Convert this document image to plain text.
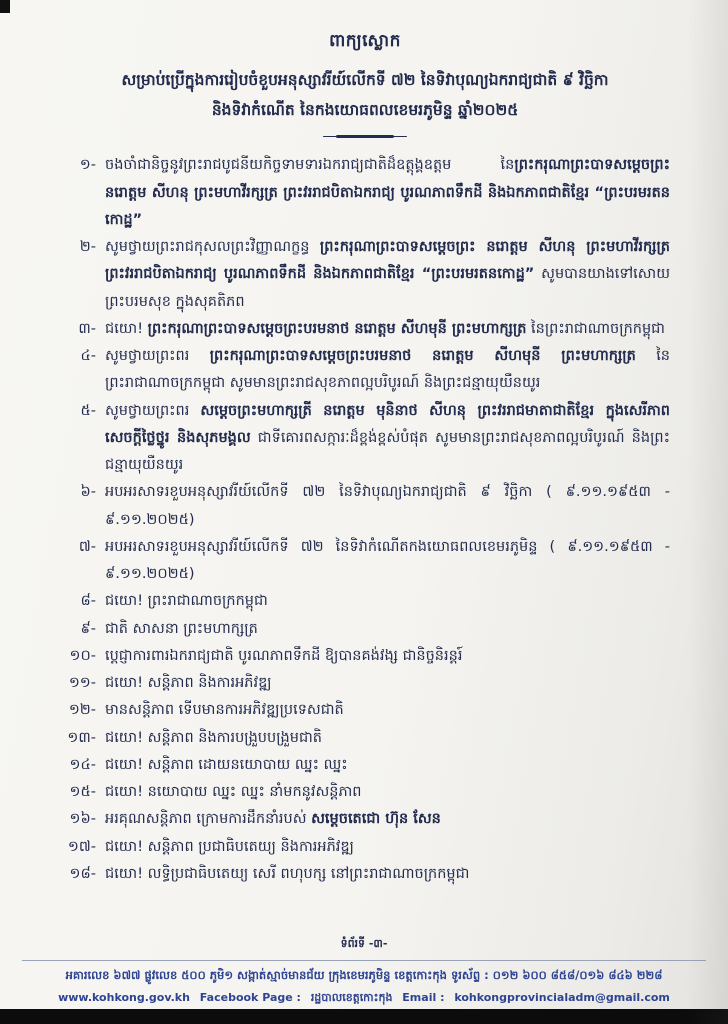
ពាក្យស្លោក
សម្រាប់ប្រើក្នុងការរៀបចំខួបអនុស្សាវរីយ៍លើកទី ៧២ នៃទិវាបុណ្យឯករាជ្យជាតិ ៩ វិច្ឆិកា
និងទិវាកំណើត នៃកងយោធពលខេមរភូមិន្ទ ឆ្នាំ២០២៥
១- ចងចាំជានិច្ចនូវព្រះរាជបូជនីយកិច្ចទាមទារឯករាជ្យជាតិដ៏ឧត្តុង្គឧត្តម នៃព្រះករុណាព្រះបាទសម្តេចព្រះ នរោត្តម សីហនុ ព្រះមហាវីរក្សត្រ ព្រះវររាជបិតាឯករាជ្យ បូរណភាពទឹកដី និងឯកភាពជាតិខ្មែរ “ព្រះបរមរតនកោដ្ឋ”
២- សូមថ្វាយព្រះរាជកុសលព្រះវិញ្ញាណក្ខន្ធ ព្រះករុណាព្រះបាទសម្តេចព្រះ នរោត្តម សីហនុ ព្រះមហាវីរក្សត្រ ព្រះវររាជបិតាឯករាជ្យ បូរណភាពទឹកដី និងឯកភាពជាតិខ្មែរ “ព្រះបរមរតនកោដ្ឋ” សូមបានយាងទៅសោយព្រះបរមសុខ ក្នុងសុគតិភព
៣- ជយោ! ព្រះករុណាព្រះបាទសម្តេចព្រះបរមនាថ នរោត្តម សីហមុនី ព្រះមហាក្សត្រ នៃព្រះរាជាណាចក្រកម្ពុជា
៤- សូមថ្វាយព្រះពរ ព្រះករុណាព្រះបាទសម្តេចព្រះបរមនាថ នរោត្តម សីហមុនី ព្រះមហាក្សត្រ នៃព្រះរាជាណាចក្រកម្ពុជា សូមមានព្រះរាជសុខភាពល្អបរិបូរណ៍ និងព្រះជន្មាយុយឺនយូរ
៥- សូមថ្វាយព្រះពរ សម្តេចព្រះមហាក្សត្រី នរោត្តម មុនិនាថ សីហនុ ព្រះវររាជមាតាជាតិខ្មែរ ក្នុងសេរីភាព សេចក្តីថ្លៃថ្នូរ និងសុភមង្គល ជាទីគោរពសក្ការៈដ៏ខ្ពង់ខ្ពស់បំផុត សូមមានព្រះរាជសុខភាពល្អបរិបូរណ៍ និងព្រះជន្មាយុយឺនយូរ
៦- អបអរសាទរខួបអនុស្សាវរីយ៍លើកទី ៧២ នៃទិវាបុណ្យឯករាជ្យជាតិ ៩ វិច្ឆិកា ( ៩.១១.១៩៥៣ - ៩.១១.២០២៥)
៧- អបអរសាទរខួបអនុស្សាវរីយ៍លើកទី ៧២ នៃទិវាកំណើតកងយោធពលខេមរភូមិន្ទ ( ៩.១១.១៩៥៣ - ៩.១១.២០២៥)
៨- ជយោ! ព្រះរាជាណាចក្រកម្ពុជា
៩- ជាតិ សាសនា ព្រះមហាក្សត្រ
១០- ប្តេជ្ញាការពារឯករាជ្យជាតិ បូរណភាពទឹកដី ឱ្យបានគង់វង្ស ជានិច្ចនិរន្តរ៍
១១- ជយោ! សន្តិភាព និងការអភិវឌ្ឍ
១២- មានសន្តិភាព ទើបមានការអភិវឌ្ឍប្រទេសជាតិ
១៣- ជយោ! សន្តិភាព និងការបង្រួបបង្រួមជាតិ
១៤- ជយោ! សន្តិភាព ដោយនយោបាយ ឈ្នះ ឈ្នះ
១៥- ជយោ! នយោបាយ ឈ្នះ ឈ្នះ នាំមកនូវសន្តិភាព
១៦- អរគុណសន្តិភាព ក្រោមការដឹកនាំរបស់ សម្តេចតេជោ ហ៊ុន សែន
១៧- ជយោ! សន្តិភាព ប្រជាធិបតេយ្យ និងការអភិវឌ្ឍ
១៨- ជយោ! លទ្ធិប្រជាធិបតេយ្យ សេរី ពហុបក្ស នៅព្រះរាជាណាចក្រកម្ពុជា
ទំព័រទី -៣-
អគារលេខ ៦៧៧ ផ្លូវលេខ ៥០០ ភូមិ១ សង្កាត់ស្មាច់មានជ័យ ក្រុងខេមរភូមិន្ទ ខេត្តកោះកុង ទូរស័ព្ទ : ០១២ ៦០០ ៨៥៨/០១៦ ៨៤៦ ២២៨
www.kohkong.gov.kh Facebook Page : រដ្ឋបាលខេត្តកោះកុង Email : kohkongprovincialadm@gmail.com
